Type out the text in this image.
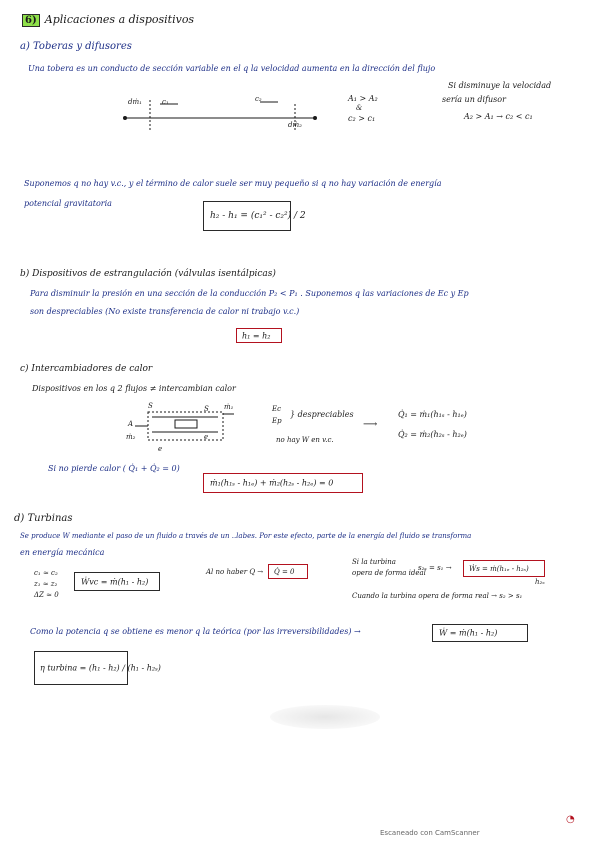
6) Aplicaciones a dispositivos
a) Toberas y difusores
Una tobera es un conducto de sección variable en el q la velocidad aumenta en la dirección del flujo
dṁ₁	c₁	c₂
dṁ₂
A₁ > A₂
&
c₂ > c₁
Si disminuye la velocidad
sería un difusor
A₂ > A₁ → c₂ < c₁
Suponemos q no hay v.c., y el término de calor suele ser muy pequeño si q no hay variación de energía
potencial gravitatoria
h₂ - h₁ = (c₁² - c₂²) / 2
b) Dispositivos de estrangulación (válvulas isentálpicas)
Para disminuir la presión en una sección de la conducción P₂ < P₁ . Suponemos q las variaciones de Ec y Ep
son despreciables (No existe transferencia de calor ni trabajo v.c.)
h₁ = h₂
c) Intercambiadores de calor
Dispositivos en los q 2 flujos ≠ intercambian calor
S	S ṁ₁
A
ṁ₂	e
e
Ec
Ep
} despreciables
no hay W en v.c.
⟶
Q̇₁ = ṁ₁(h₁ₛ - h₁ₑ)
Q̇₂ = ṁ₂(h₂ₛ - h₂ₑ)
Si no pierde calor ( Q̇₁ + Q̇₂ = 0)
ṁ₁(h₁ₛ - h₁ₑ) + ṁ₂(h₂ₛ - h₂ₑ) = 0
d) Turbinas
Se produce W mediante el paso de un fluido a través de un ..labes. Por este efecto, parte de la energía del fluido se transforma
en energía mecánica
c₁ ≈ c₂
z₁ ≈ z₂
ΔZ ≈ 0
Ẇvc = ṁ(h₁ - h₂)
Al no haber Q → Q̇ = 0
Si la turbina
opera de forma ideal
s₂ₛ = s₁ → Ẇs = ṁ(h₁ₑ - h₂ₛ)
h₂ₛ
Cuando la turbina opera de forma real → s₂ > s₁
Como la potencia q se obtiene es menor q la teórica (por las irreversibilidades) →	Ẇ = ṁ(h₁ - h₂)
η turbina = (h₁ - h₂) / (h₁ - h₂ₛ)
◔
Escaneado con CamScanner
